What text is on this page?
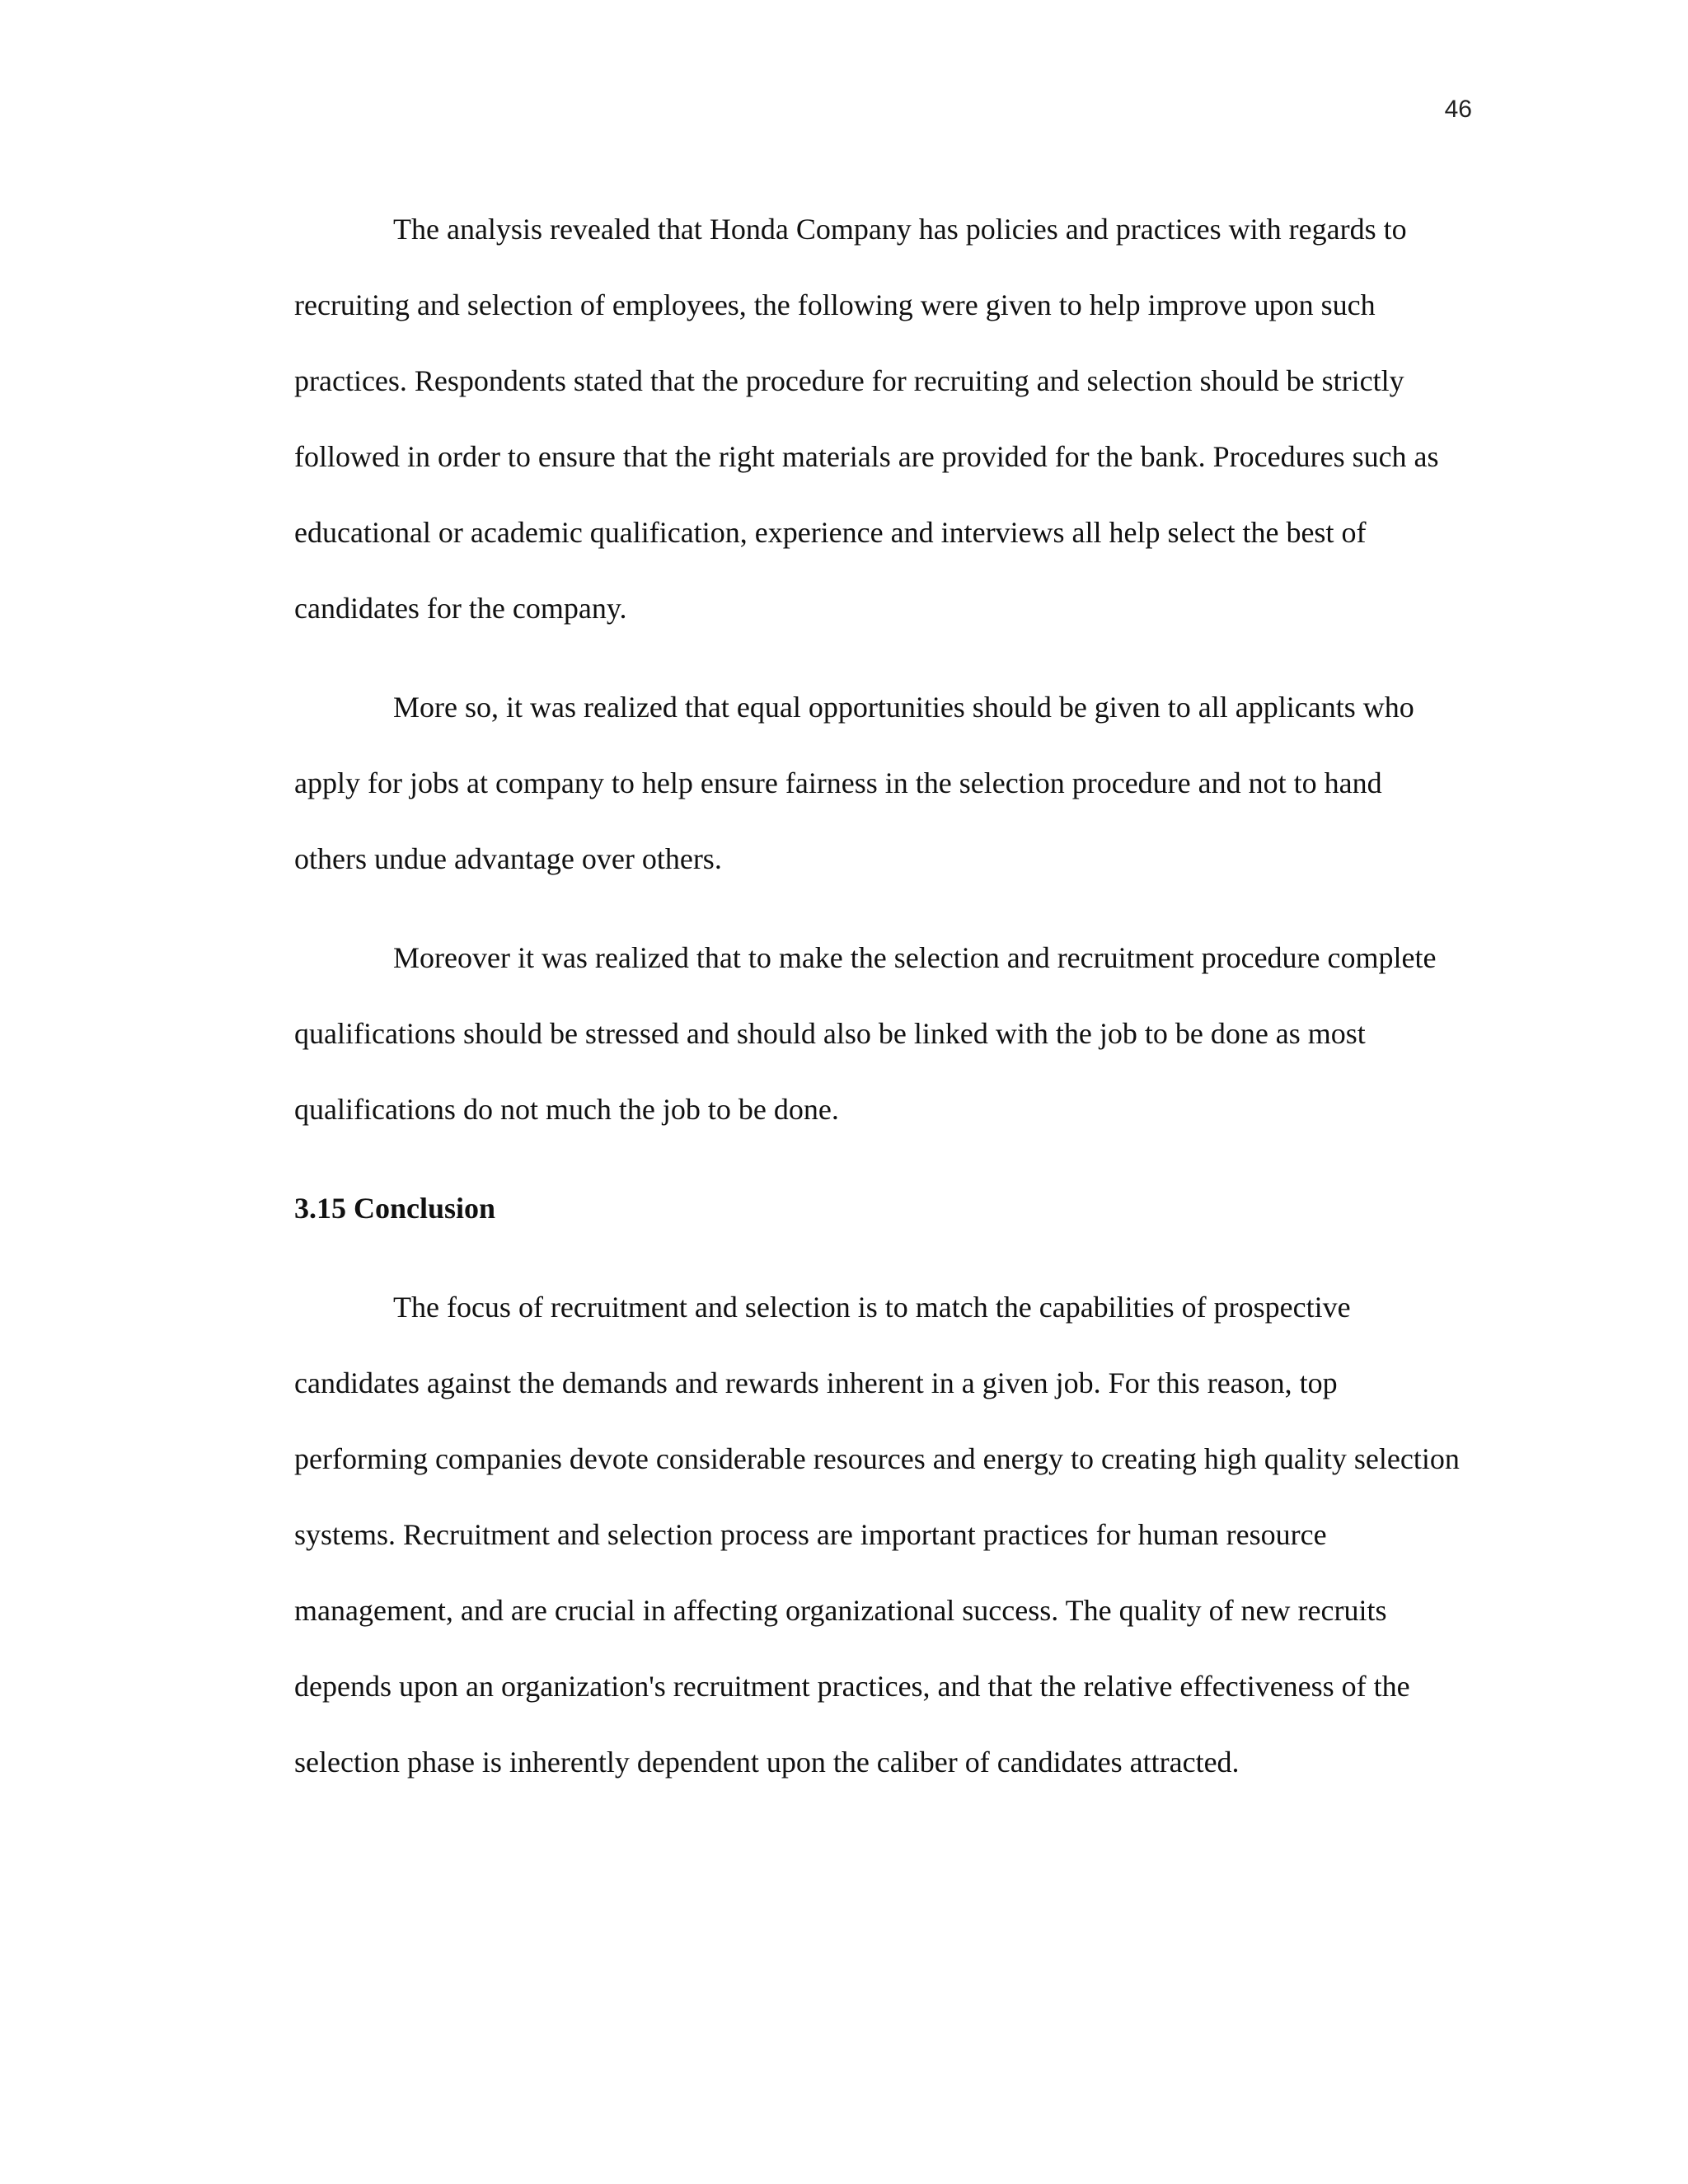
46

The analysis revealed that Honda Company has policies and practices with regards to recruiting and selection of employees, the following were given to help improve upon such practices. Respondents stated that the procedure for recruiting and selection should be strictly followed in order to ensure that the right materials are provided for the bank. Procedures such as educational or academic qualification, experience and interviews all help select the best of candidates for the company.

More so, it was realized that equal opportunities should be given to all applicants who apply for jobs at company to help ensure fairness in the selection procedure and not to hand others undue advantage over others.

Moreover it was realized that to make the selection and recruitment procedure complete qualifications should be stressed and should also be linked with the job to be done as most qualifications do not much the job to be done.

3.15 Conclusion

The focus of recruitment and selection is to match the capabilities of prospective candidates against the demands and rewards inherent in a given job. For this reason, top performing companies devote considerable resources and energy to creating high quality selection systems. Recruitment and selection process are important practices for human resource management, and are crucial in affecting organizational success. The quality of new recruits depends upon an organization's recruitment practices, and that the relative effectiveness of the selection phase is inherently dependent upon the caliber of candidates attracted.
